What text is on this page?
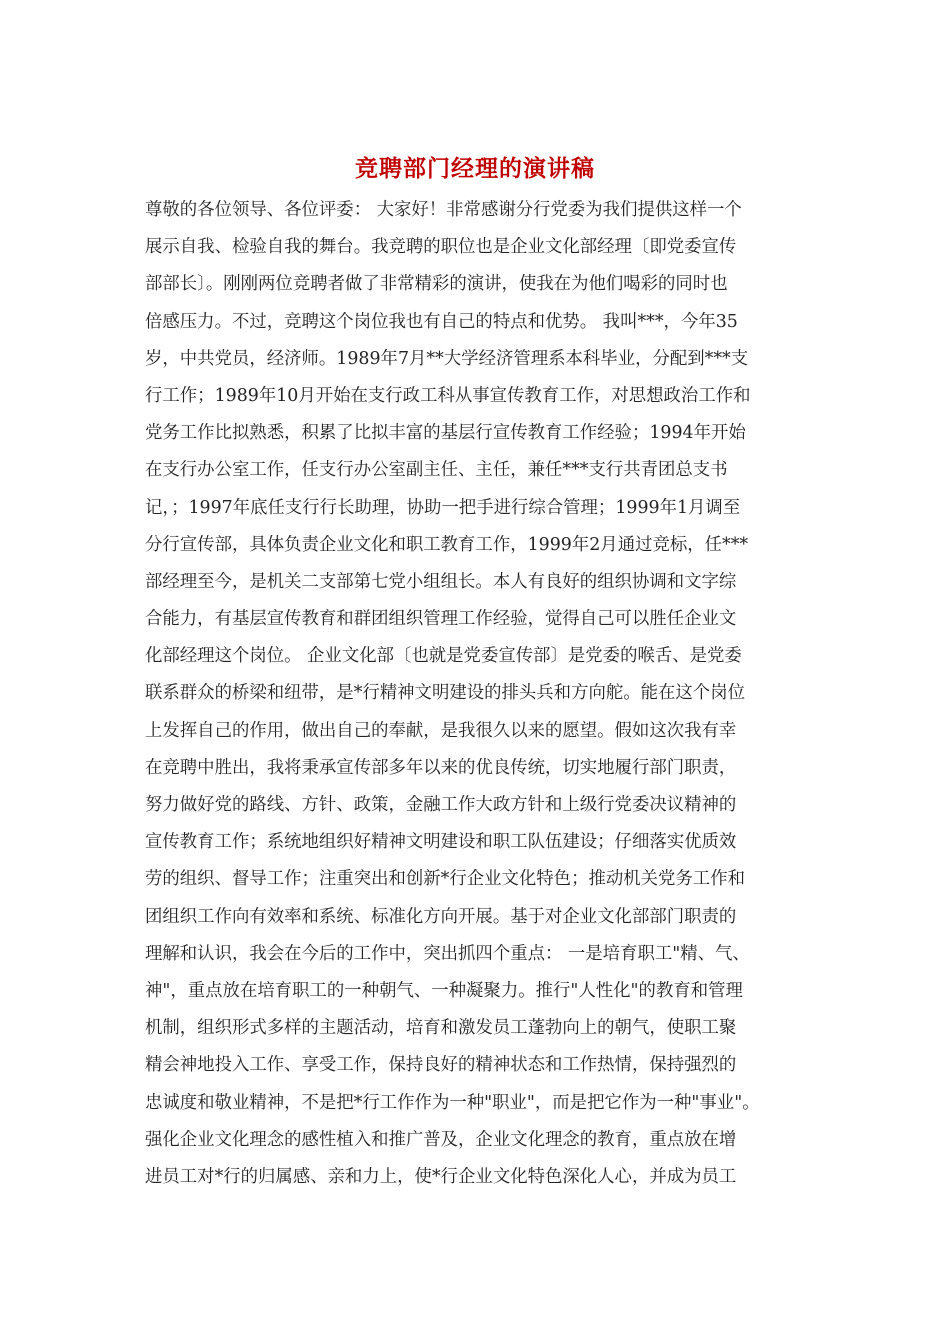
竞聘部门经理的演讲稿
尊敬的各位领导、各位评委： 大家好！非常感谢分行党委为我们提供这样一个
展示自我、检验自我的舞台。我竞聘的职位也是企业文化部经理〔即党委宣传
部部长〕。刚刚两位竞聘者做了非常精彩的演讲，使我在为他们喝彩的同时也
倍感压力。不过，竞聘这个岗位我也有自己的特点和优势。 我叫***，今年35
岁，中共党员，经济师。1989年7月**大学经济管理系本科毕业，分配到***支
行工作；1989年10月开始在支行政工科从事宣传教育工作，对思想政治工作和
党务工作比拟熟悉，积累了比拟丰富的基层行宣传教育工作经验；1994年开始
在支行办公室工作，任支行办公室副主任、主任，兼任***支行共青团总支书
记，；1997年底任支行行长助理，协助一把手进行综合管理；1999年1月调至
分行宣传部，具体负责企业文化和职工教育工作，1999年2月通过竞标，任***
部经理至今，是机关二支部第七党小组组长。本人有良好的组织协调和文字综
合能力，有基层宣传教育和群团组织管理工作经验，觉得自己可以胜任企业文
化部经理这个岗位。 企业文化部〔也就是党委宣传部〕是党委的喉舌、是党委
联系群众的桥梁和纽带，是*行精神文明建设的排头兵和方向舵。能在这个岗位
上发挥自己的作用，做出自己的奉献，是我很久以来的愿望。假如这次我有幸
在竞聘中胜出，我将秉承宣传部多年以来的优良传统，切实地履行部门职责，
努力做好党的路线、方针、政策，金融工作大政方针和上级行党委决议精神的
宣传教育工作；系统地组织好精神文明建设和职工队伍建设；仔细落实优质效
劳的组织、督导工作；注重突出和创新*行企业文化特色；推动机关党务工作和
团组织工作向有效率和系统、标准化方向开展。基于对企业文化部部门职责的
理解和认识，我会在今后的工作中，突出抓四个重点： 一是培育职工"精、气、
神"，重点放在培育职工的一种朝气、一种凝聚力。推行"人性化"的教育和管理
机制，组织形式多样的主题活动，培育和激发员工蓬勃向上的朝气，使职工聚
精会神地投入工作、享受工作，保持良好的精神状态和工作热情，保持强烈的
忠诚度和敬业精神，不是把*行工作作为一种"职业"，而是把它作为一种"事业"。
强化企业文化理念的感性植入和推广普及，企业文化理念的教育，重点放在增
进员工对*行的归属感、亲和力上，使*行企业文化特色深化人心，并成为员工
